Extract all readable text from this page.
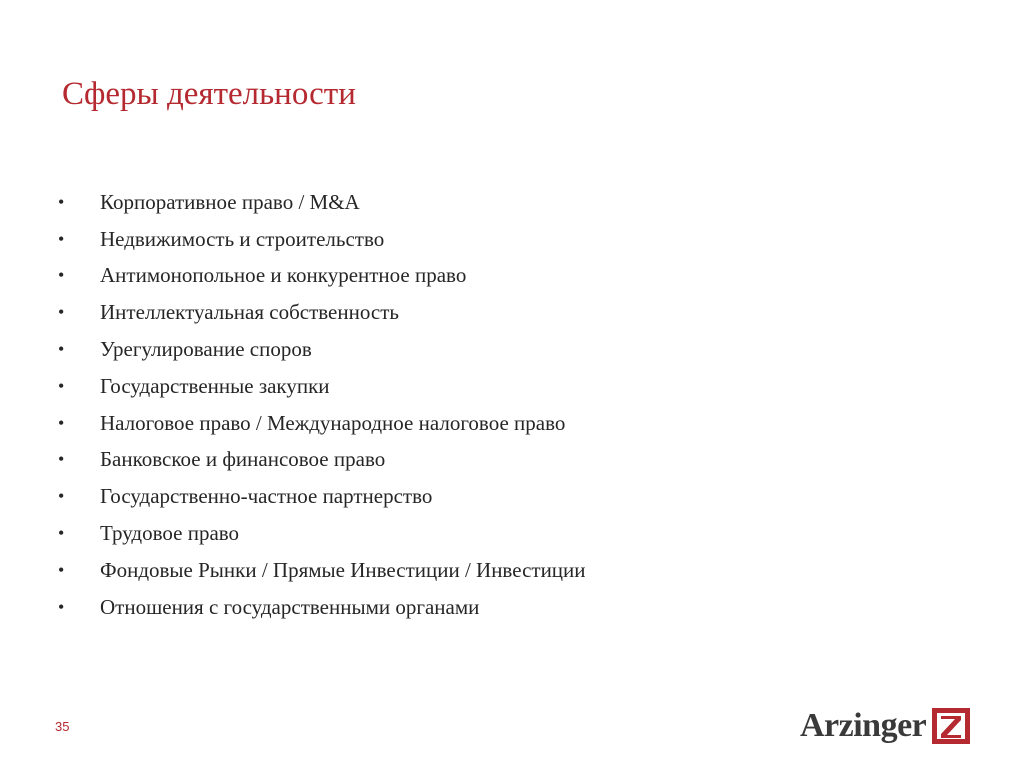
Сферы деятельности
•	Корпоративное право / M&A
•	Недвижимость и строительство
•	Антимонопольное и конкурентное право
•	Интеллектуальная собственность
•	Урегулирование споров
•	Государственные закупки
•	Налоговое право / Международное налоговое право
•	Банковское и финансовое право
•	Государственно-частное партнерство
•	Трудовое право
•	Фондовые Рынки / Прямые Инвестиции / Инвестиции
•	Отношения с государственными органами
35	Arzinger
